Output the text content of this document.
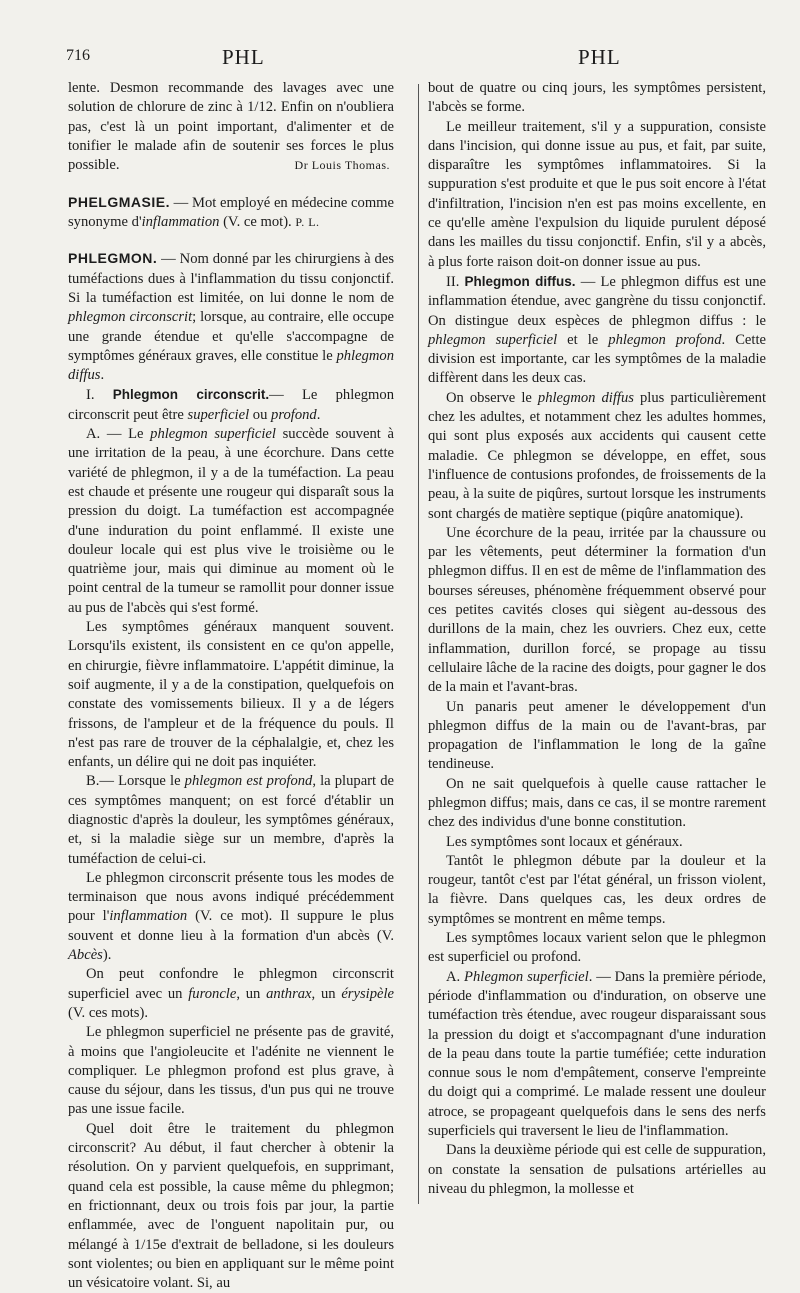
716	PHL	PHL

lente. Desmon recommande des lavages avec une solution de chlorure de zinc à 1/12. Enfin on n'oubliera pas, c'est là un point important, d'alimenter et de tonifier le malade afin de soutenir ses forces le plus possible.	Dr Louis Thomas.

PHELGMASIE. — Mot employé en médecine comme synonyme d'inflammation (V. ce mot). P. L.

PHLEGMON. — Nom donné par les chirurgiens à des tuméfactions dues à l'inflammation du tissu conjonctif. Si la tuméfaction est limitée, on lui donne le nom de phlegmon circonscrit; lorsque, au contraire, elle occupe une grande étendue et qu'elle s'accompagne de symptômes généraux graves, elle constitue le phlegmon diffus.

I. Phlegmon circonscrit.— Le phlegmon circonscrit peut être superficiel ou profond.

A. — Le phlegmon superficiel succède souvent à une irritation de la peau, à une écorchure. Dans cette variété de phlegmon, il y a de la tuméfaction. La peau est chaude et présente une rougeur qui disparaît sous la pression du doigt. La tuméfaction est accompagnée d'une induration du point enflammé. Il existe une douleur locale qui est plus vive le troisième ou le quatrième jour, mais qui diminue au moment où le point central de la tumeur se ramollit pour donner issue au pus de l'abcès qui s'est formé.

Les symptômes généraux manquent souvent. Lorsqu'ils existent, ils consistent en ce qu'on appelle, en chirurgie, fièvre inflammatoire. L'appétit diminue, la soif augmente, il y a de la constipation, quelquefois on constate des vomissements bilieux. Il y a de légers frissons, de l'ampleur et de la fréquence du pouls. Il n'est pas rare de trouver de la céphalalgie, et, chez les enfants, un délire qui ne doit pas inquiéter.

B.— Lorsque le phlegmon est profond, la plupart de ces symptômes manquent; on est forcé d'établir un diagnostic d'après la douleur, les symptômes généraux, et, si la maladie siège sur un membre, d'après la tuméfaction de celui-ci.

Le phlegmon circonscrit présente tous les modes de terminaison que nous avons indiqué précédemment pour l'inflammation (V. ce mot). Il suppure le plus souvent et donne lieu à la formation d'un abcès (V. Abcès).

On peut confondre le phlegmon circonscrit superficiel avec un furoncle, un anthrax, un érysipèle (V. ces mots).

Le phlegmon superficiel ne présente pas de gravité, à moins que l'angioleucite et l'adénite ne viennent le compliquer. Le phlegmon profond est plus grave, à cause du séjour, dans les tissus, d'un pus qui ne trouve pas une issue facile.

Quel doit être le traitement du phlegmon circonscrit? Au début, il faut chercher à obtenir la résolution. On y parvient quelquefois, en supprimant, quand cela est possible, la cause même du phlegmon; en frictionnant, deux ou trois fois par jour, la partie enflammée, avec de l'onguent napolitain pur, ou mélangé à 1/15e d'extrait de belladone, si les douleurs sont violentes; ou bien en appliquant sur le même point un vésicatoire volant. Si, au

bout de quatre ou cinq jours, les symptômes persistent, l'abcès se forme.

Le meilleur traitement, s'il y a suppuration, consiste dans l'incision, qui donne issue au pus, et fait, par suite, disparaître les symptômes inflammatoires. Si la suppuration s'est produite et que le pus soit encore à l'état d'infiltration, l'incision n'en est pas moins excellente, en ce qu'elle amène l'expulsion du liquide purulent déposé dans les mailles du tissu conjonctif. Enfin, s'il y a abcès, à plus forte raison doit-on donner issue au pus.

II. Phlegmon diffus. — Le phlegmon diffus est une inflammation étendue, avec gangrène du tissu conjonctif. On distingue deux espèces de phlegmon diffus : le phlegmon superficiel et le phlegmon profond. Cette division est importante, car les symptômes de la maladie diffèrent dans les deux cas.

On observe le phlegmon diffus plus particulièrement chez les adultes, et notamment chez les adultes hommes, qui sont plus exposés aux accidents qui causent cette maladie. Ce phlegmon se développe, en effet, sous l'influence de contusions profondes, de froissements de la peau, à la suite de piqûres, surtout lorsque les instruments sont chargés de matière septique (piqûre anatomique).

Une écorchure de la peau, irritée par la chaussure ou par les vêtements, peut déterminer la formation d'un phlegmon diffus. Il en est de même de l'inflammation des bourses séreuses, phénomène fréquemment observé pour ces petites cavités closes qui siègent au-dessous des durillons de la main, chez les ouvriers. Chez eux, cette inflammation, durillon forcé, se propage au tissu cellulaire lâche de la racine des doigts, pour gagner le dos de la main et l'avant-bras.

Un panaris peut amener le développement d'un phlegmon diffus de la main ou de l'avant-bras, par propagation de l'inflammation le long de la gaîne tendineuse.

On ne sait quelquefois à quelle cause rattacher le phlegmon diffus; mais, dans ce cas, il se montre rarement chez des individus d'une bonne constitution.

Les symptômes sont locaux et généraux.

Tantôt le phlegmon débute par la douleur et la rougeur, tantôt c'est par l'état général, un frisson violent, la fièvre. Dans quelques cas, les deux ordres de symptômes se montrent en même temps.

Les symptômes locaux varient selon que le phlegmon est superficiel ou profond.

A. Phlegmon superficiel. — Dans la première période, période d'inflammation ou d'induration, on observe une tuméfaction très étendue, avec rougeur disparaissant sous la pression du doigt et s'accompagnant d'une induration de la peau dans toute la partie tuméfiée; cette induration connue sous le nom d'empâtement, conserve l'empreinte du doigt qui a comprimé. Le malade ressent une douleur atroce, se propageant quelquefois dans le sens des nerfs superficiels qui traversent le lieu de l'inflammation.

Dans la deuxième période qui est celle de suppuration, on constate la sensation de pulsations artérielles au niveau du phlegmon, la mollesse et
